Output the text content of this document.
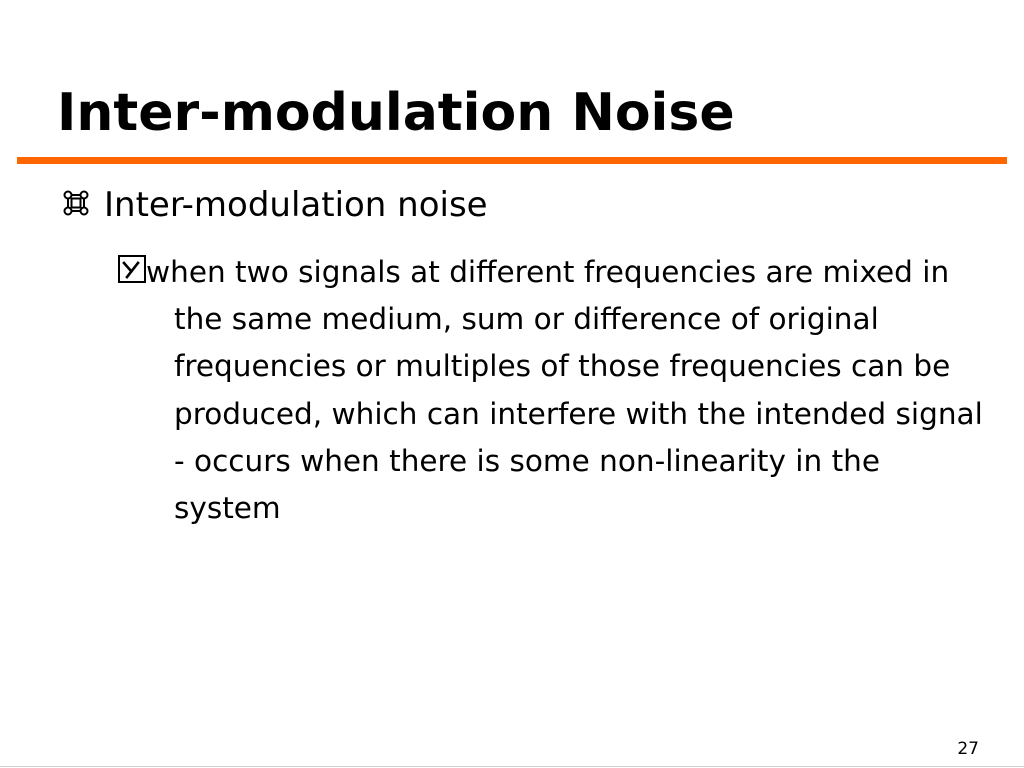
Inter-modulation Noise
Inter-modulation noise
when two signals at different frequencies are mixed in the same medium, sum or difference of original frequencies or multiples of those frequencies can be produced, which can interfere with the intended signal - occurs when there is some non-linearity in the system
27
